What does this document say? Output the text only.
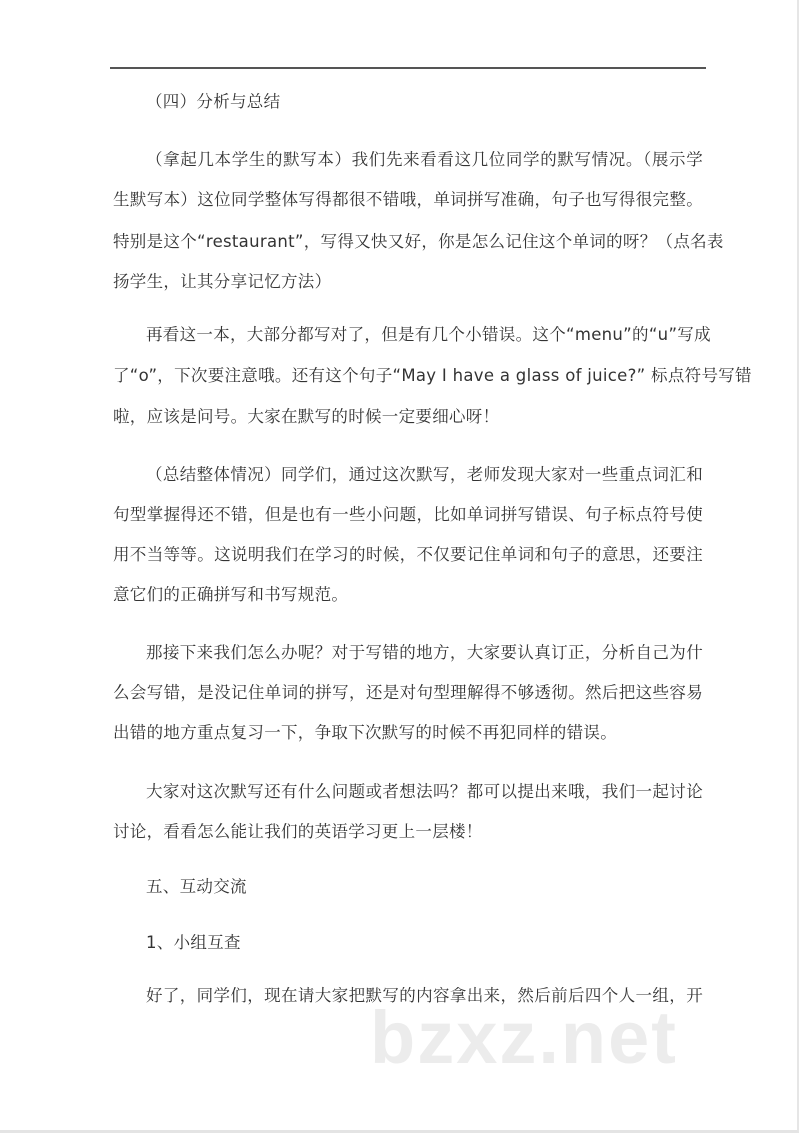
（四）分析与总结
（拿起几本学生的默写本）我们先来看看这几位同学的默写情况。（展示学
生默写本）这位同学整体写得都很不错哦，单词拼写准确，句子也写得很完整。
特别是这个“restaurant”，写得又快又好，你是怎么记住这个单词的呀？（点名表
扬学生，让其分享记忆方法）
再看这一本，大部分都写对了，但是有几个小错误。这个“menu”的“u”写成
了“o”，下次要注意哦。还有这个句子“May I have a glass of juice?” 标点符号写错
啦，应该是问号。大家在默写的时候一定要细心呀！
（总结整体情况）同学们，通过这次默写，老师发现大家对一些重点词汇和
句型掌握得还不错，但是也有一些小问题，比如单词拼写错误、句子标点符号使
用不当等等。这说明我们在学习的时候，不仅要记住单词和句子的意思，还要注
意它们的正确拼写和书写规范。
那接下来我们怎么办呢？对于写错的地方，大家要认真订正，分析自己为什
么会写错，是没记住单词的拼写，还是对句型理解得不够透彻。然后把这些容易
出错的地方重点复习一下，争取下次默写的时候不再犯同样的错误。
大家对这次默写还有什么问题或者想法吗？都可以提出来哦，我们一起讨论
讨论，看看怎么能让我们的英语学习更上一层楼！
五、互动交流
1、小组互查
好了，同学们，现在请大家把默写的内容拿出来，然后前后四个人一组，开
bzxz.net
